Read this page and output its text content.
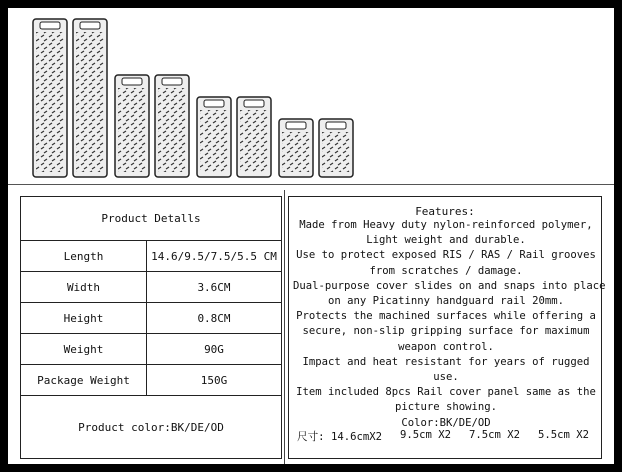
Product Detalls
Length	14.6/9.5/7.5/5.5 CM
Width	3.6CM
Height	0.8CM
Weight	90G
Package Weight	150G
Product color:BK/DE/OD
Features:
Made from Heavy duty nylon-reinforced polymer,
Light weight and durable.
Use to protect exposed RIS / RAS / Rail grooves
from scratches / damage.
Dual-purpose cover slides on and snaps into place
on any Picatinny handguard rail 20mm.
Protects the machined surfaces while offering a
secure, non-slip gripping surface for maximum
weapon control.
Impact and heat resistant for years of rugged
use.
Item included 8pcs Rail cover panel same as the
picture showing.
Color:BK/DE/OD
尺寸: 14.6cmX2 9.5cm X2 7.5cm X2 5.5cm X2
